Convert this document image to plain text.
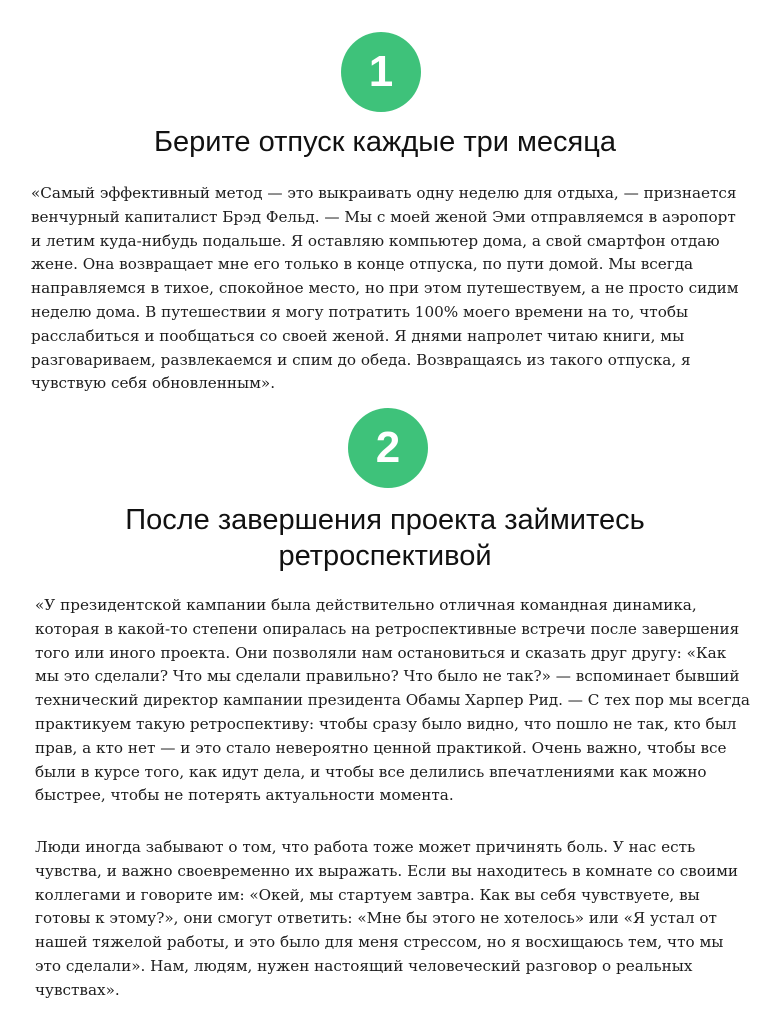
1
Берите отпуск каждые три месяца

«Самый эффективный метод — это выкраивать одну неделю для отдыха, — признается венчурный капиталист Брэд Фельд. — Мы с моей женой Эми отправляемся в аэропорт и летим куда-нибудь подальше. Я оставляю компьютер дома, а свой смартфон отдаю жене. Она возвращает мне его только в конце отпуска, по пути домой. Мы всегда направляемся в тихое, спокойное место, но при этом путешествуем, а не просто сидим неделю дома. В путешествии я могу потратить 100% моего времени на то, чтобы расслабиться и пообщаться со своей женой. Я днями напролет читаю книги, мы разговариваем, развлекаемся и спим до обеда. Возвращаясь из такого отпуска, я чувствую себя обновленным».

2
После завершения проекта займитесь ретроспективой

«У президентской кампании была действительно отличная командная динамика, которая в какой-то степени опиралась на ретроспективные встречи после завершения того или иного проекта. Они позволяли нам остановиться и сказать друг другу: «Как мы это сделали? Что мы сделали правильно? Что было не так?» — вспоминает бывший технический директор кампании президента Обамы Харпер Рид. — С тех пор мы всегда практикуем такую ретроспективу: чтобы сразу было видно, что пошло не так, кто был прав, а кто нет — и это стало невероятно ценной практикой. Очень важно, чтобы все были в курсе того, как идут дела, и чтобы все делились впечатлениями как можно быстрее, чтобы не потерять актуальности момента.

Люди иногда забывают о том, что работа тоже может причинять боль. У нас есть чувства, и важно своевременно их выражать. Если вы находитесь в комнате со своими коллегами и говорите им: «Окей, мы стартуем завтра. Как вы себя чувствуете, вы готовы к этому?», они смогут ответить: «Мне бы этого не хотелось» или «Я устал от нашей тяжелой работы, и это было для меня стрессом, но я восхищаюсь тем, что мы это сделали». Нам, людям, нужен настоящий человеческий разговор о реальных чувствах».
